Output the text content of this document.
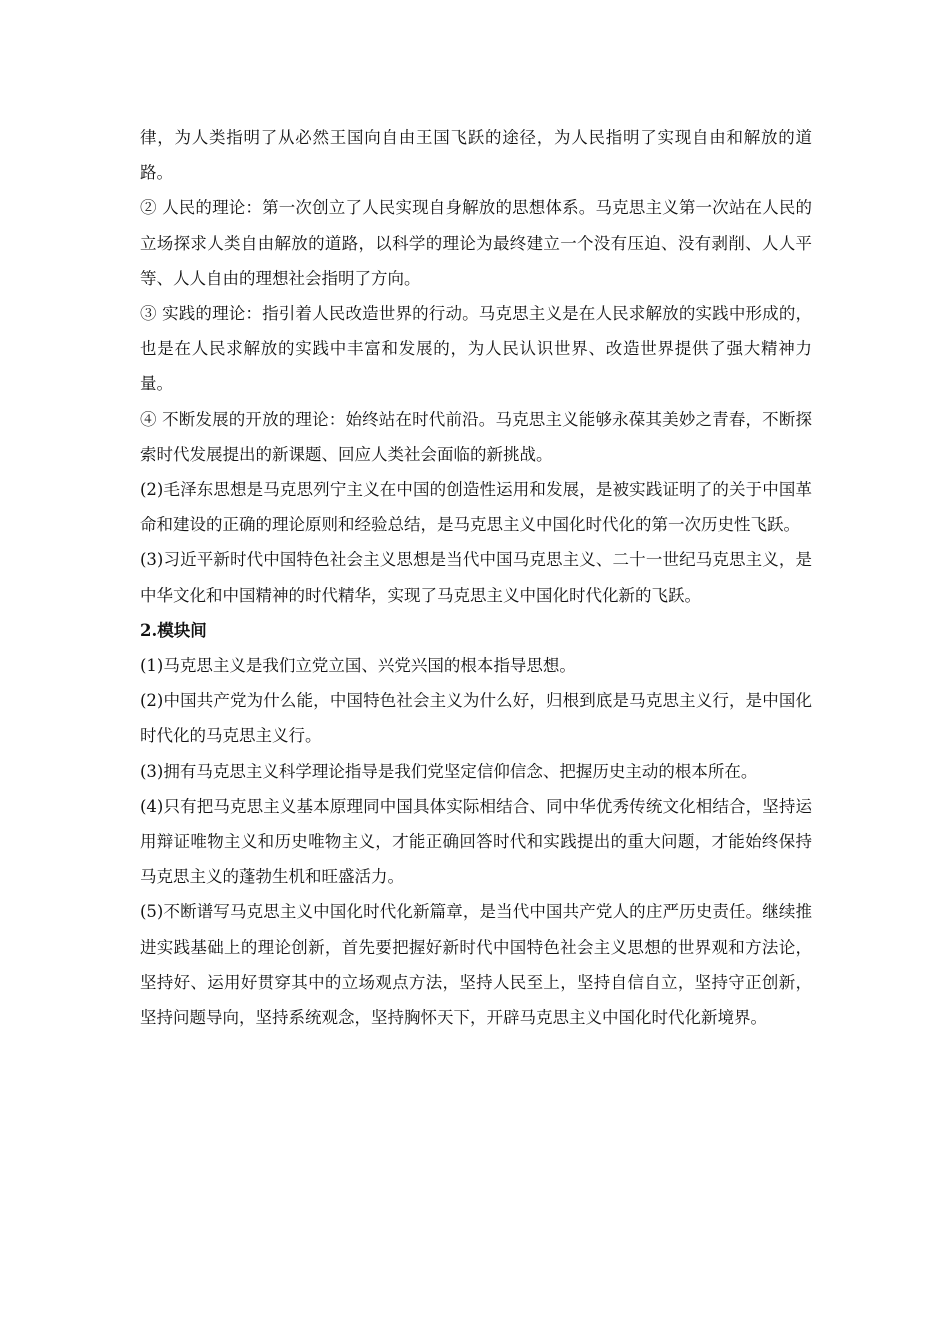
律，为人类指明了从必然王国向自由王国飞跃的途径，为人民指明了实现自由和解放的道路。

② 人民的理论：第一次创立了人民实现自身解放的思想体系。马克思主义第一次站在人民的立场探求人类自由解放的道路，以科学的理论为最终建立一个没有压迫、没有剥削、人人平等、人人自由的理想社会指明了方向。

③ 实践的理论：指引着人民改造世界的行动。马克思主义是在人民求解放的实践中形成的，也是在人民求解放的实践中丰富和发展的，为人民认识世界、改造世界提供了强大精神力量。

④ 不断发展的开放的理论：始终站在时代前沿。马克思主义能够永葆其美妙之青春，不断探索时代发展提出的新课题、回应人类社会面临的新挑战。

(2)毛泽东思想是马克思列宁主义在中国的创造性运用和发展，是被实践证明了的关于中国革命和建设的正确的理论原则和经验总结，是马克思主义中国化时代化的第一次历史性飞跃。

(3)习近平新时代中国特色社会主义思想是当代中国马克思主义、二十一世纪马克思主义，是中华文化和中国精神的时代精华，实现了马克思主义中国化时代化新的飞跃。

2.模块间

(1)马克思主义是我们立党立国、兴党兴国的根本指导思想。

(2)中国共产党为什么能，中国特色社会主义为什么好，归根到底是马克思主义行，是中国化时代化的马克思主义行。

(3)拥有马克思主义科学理论指导是我们党坚定信仰信念、把握历史主动的根本所在。

(4)只有把马克思主义基本原理同中国具体实际相结合、同中华优秀传统文化相结合，坚持运用辩证唯物主义和历史唯物主义，才能正确回答时代和实践提出的重大问题，才能始终保持马克思主义的蓬勃生机和旺盛活力。

(5)不断谱写马克思主义中国化时代化新篇章，是当代中国共产党人的庄严历史责任。继续推进实践基础上的理论创新，首先要把握好新时代中国特色社会主义思想的世界观和方法论，坚持好、运用好贯穿其中的立场观点方法，坚持人民至上，坚持自信自立，坚持守正创新，坚持问题导向，坚持系统观念，坚持胸怀天下，开辟马克思主义中国化时代化新境界。
